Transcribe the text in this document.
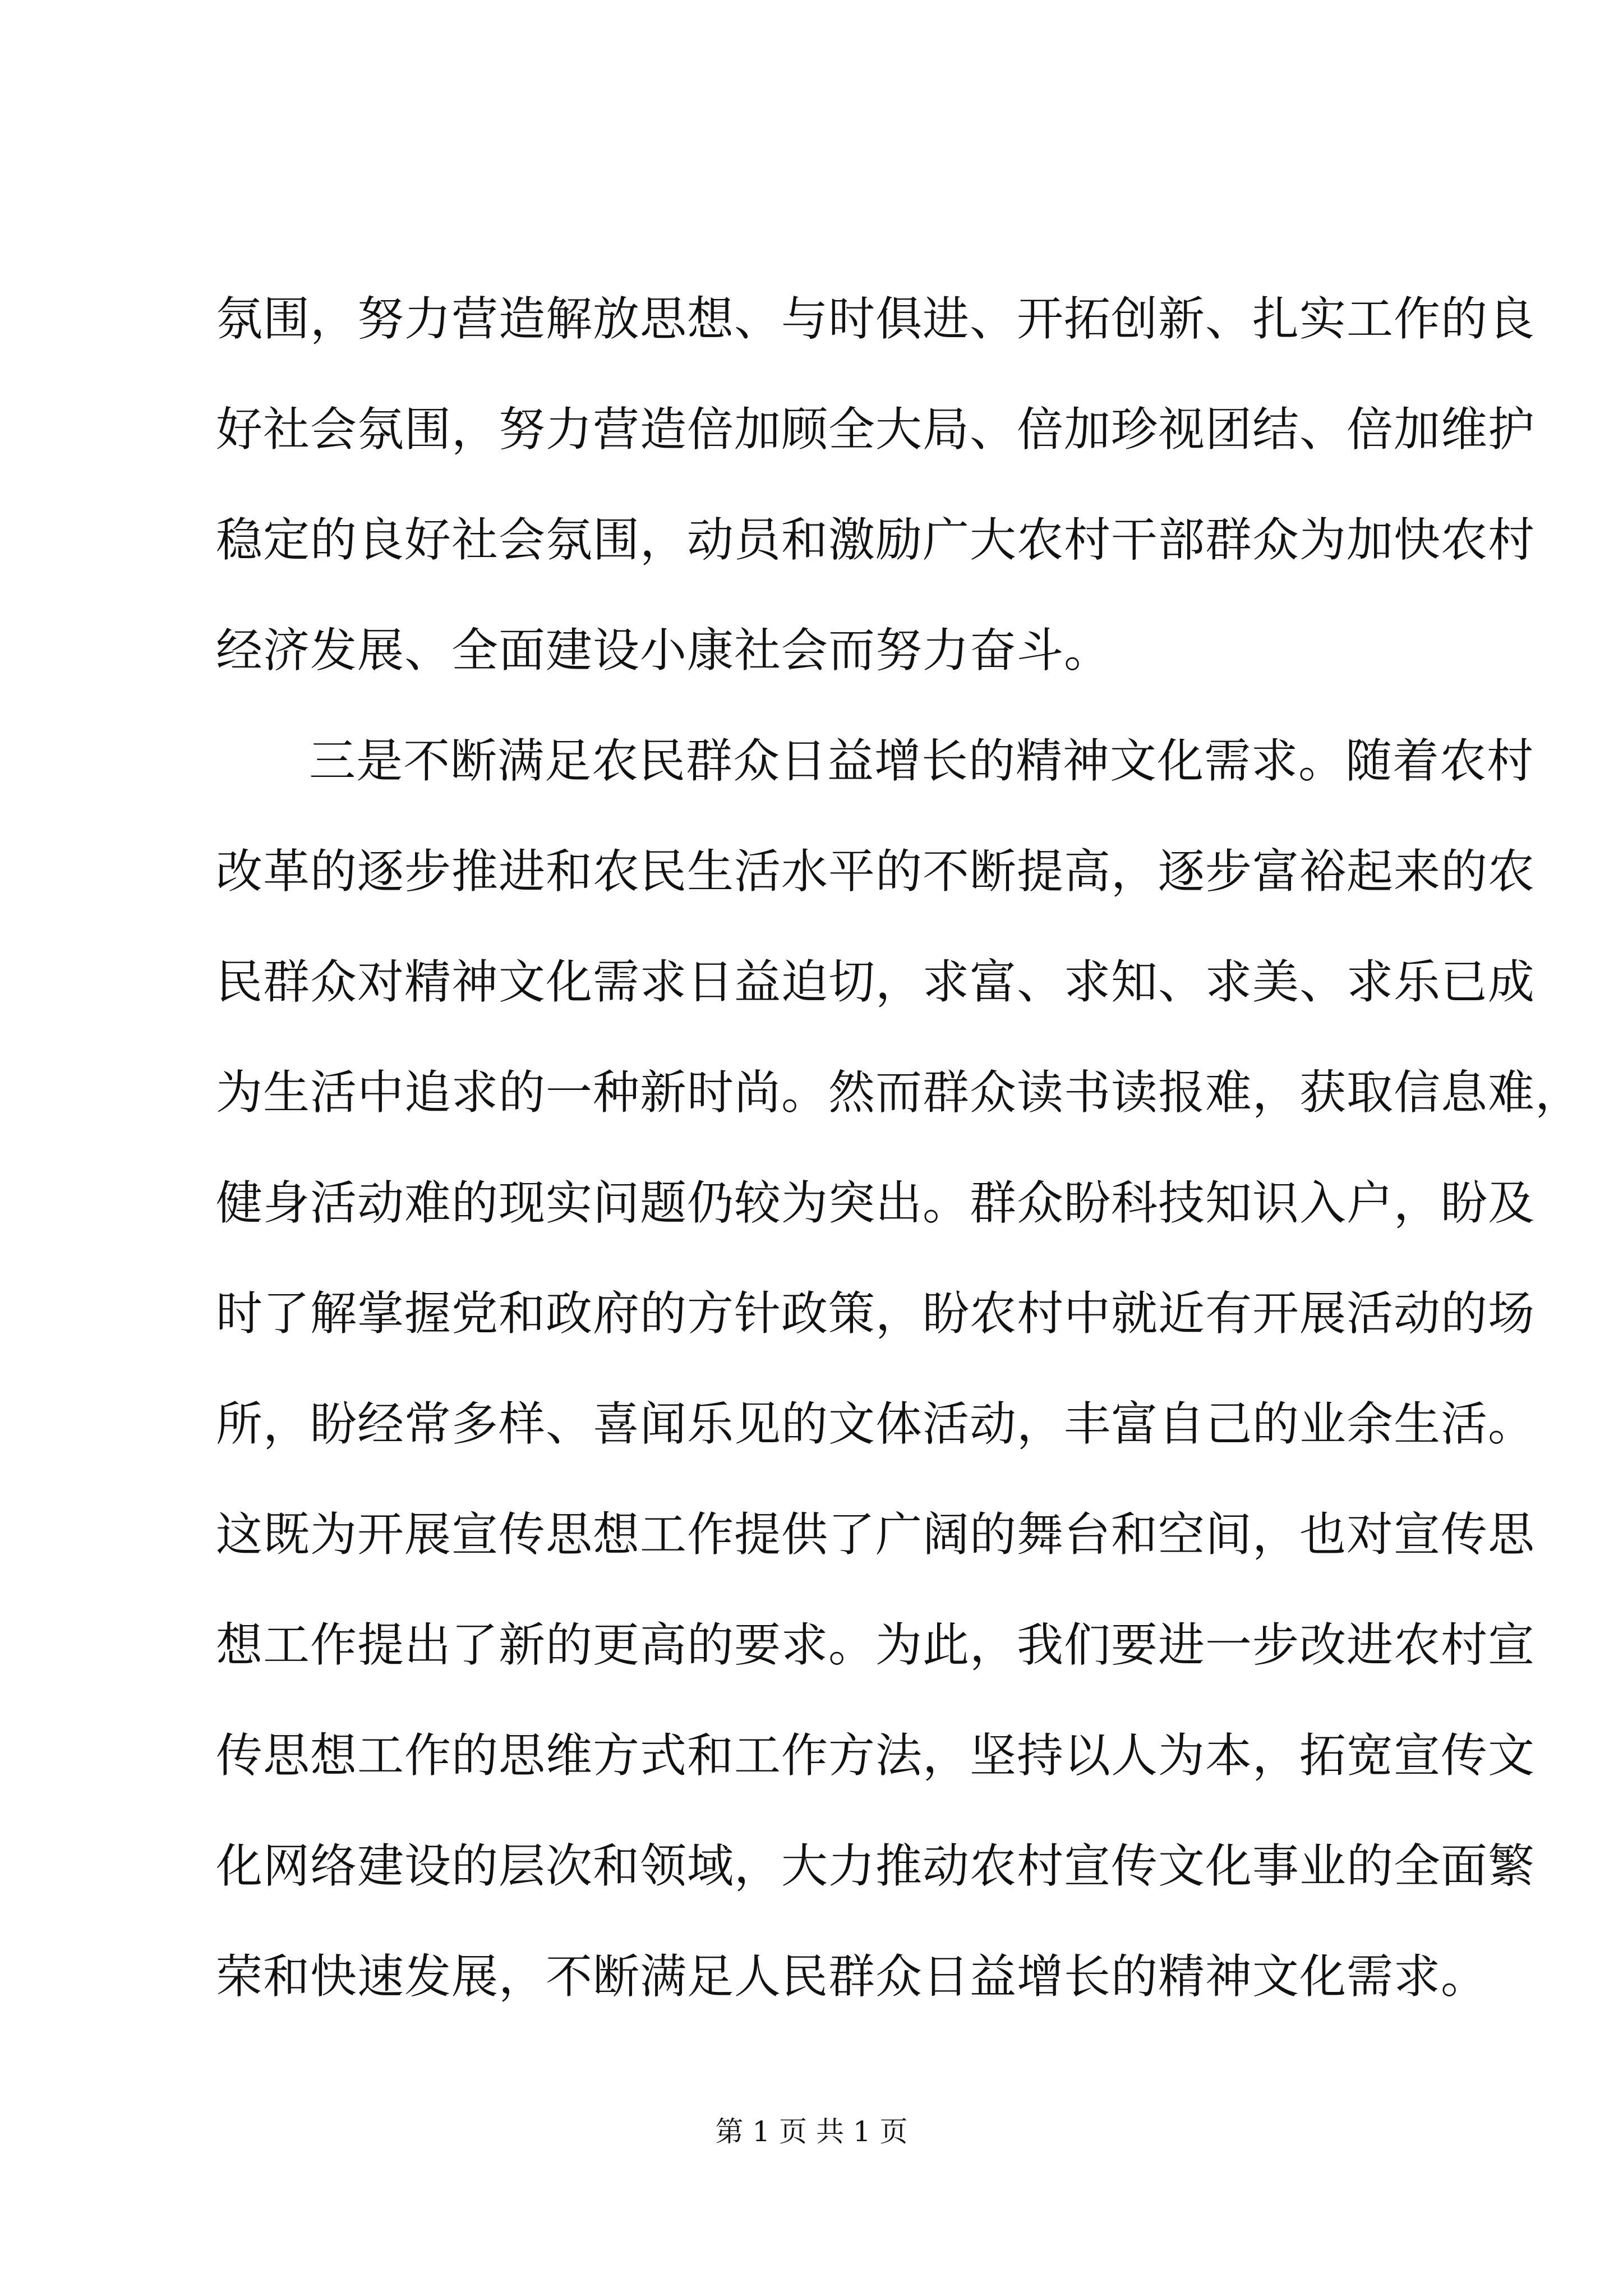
氛围，努力营造解放思想、与时俱进、开拓创新、扎实工作的良
好社会氛围，努力营造倍加顾全大局、倍加珍视团结、倍加维护
稳定的良好社会氛围，动员和激励广大农村干部群众为加快农村
经济发展、全面建设小康社会而努力奋斗。
三是不断满足农民群众日益增长的精神文化需求。随着农村
改革的逐步推进和农民生活水平的不断提高，逐步富裕起来的农
民群众对精神文化需求日益迫切，求富、求知、求美、求乐已成
为生活中追求的一种新时尚。然而群众读书读报难，获取信息难，
健身活动难的现实问题仍较为突出。群众盼科技知识入户，盼及
时了解掌握党和政府的方针政策，盼农村中就近有开展活动的场
所，盼经常多样、喜闻乐见的文体活动，丰富自己的业余生活。
这既为开展宣传思想工作提供了广阔的舞台和空间，也对宣传思
想工作提出了新的更高的要求。为此，我们要进一步改进农村宣
传思想工作的思维方式和工作方法，坚持以人为本，拓宽宣传文
化网络建设的层次和领域，大力推动农村宣传文化事业的全面繁
荣和快速发展，不断满足人民群众日益增长的精神文化需求。
第 1 页 共 1 页
